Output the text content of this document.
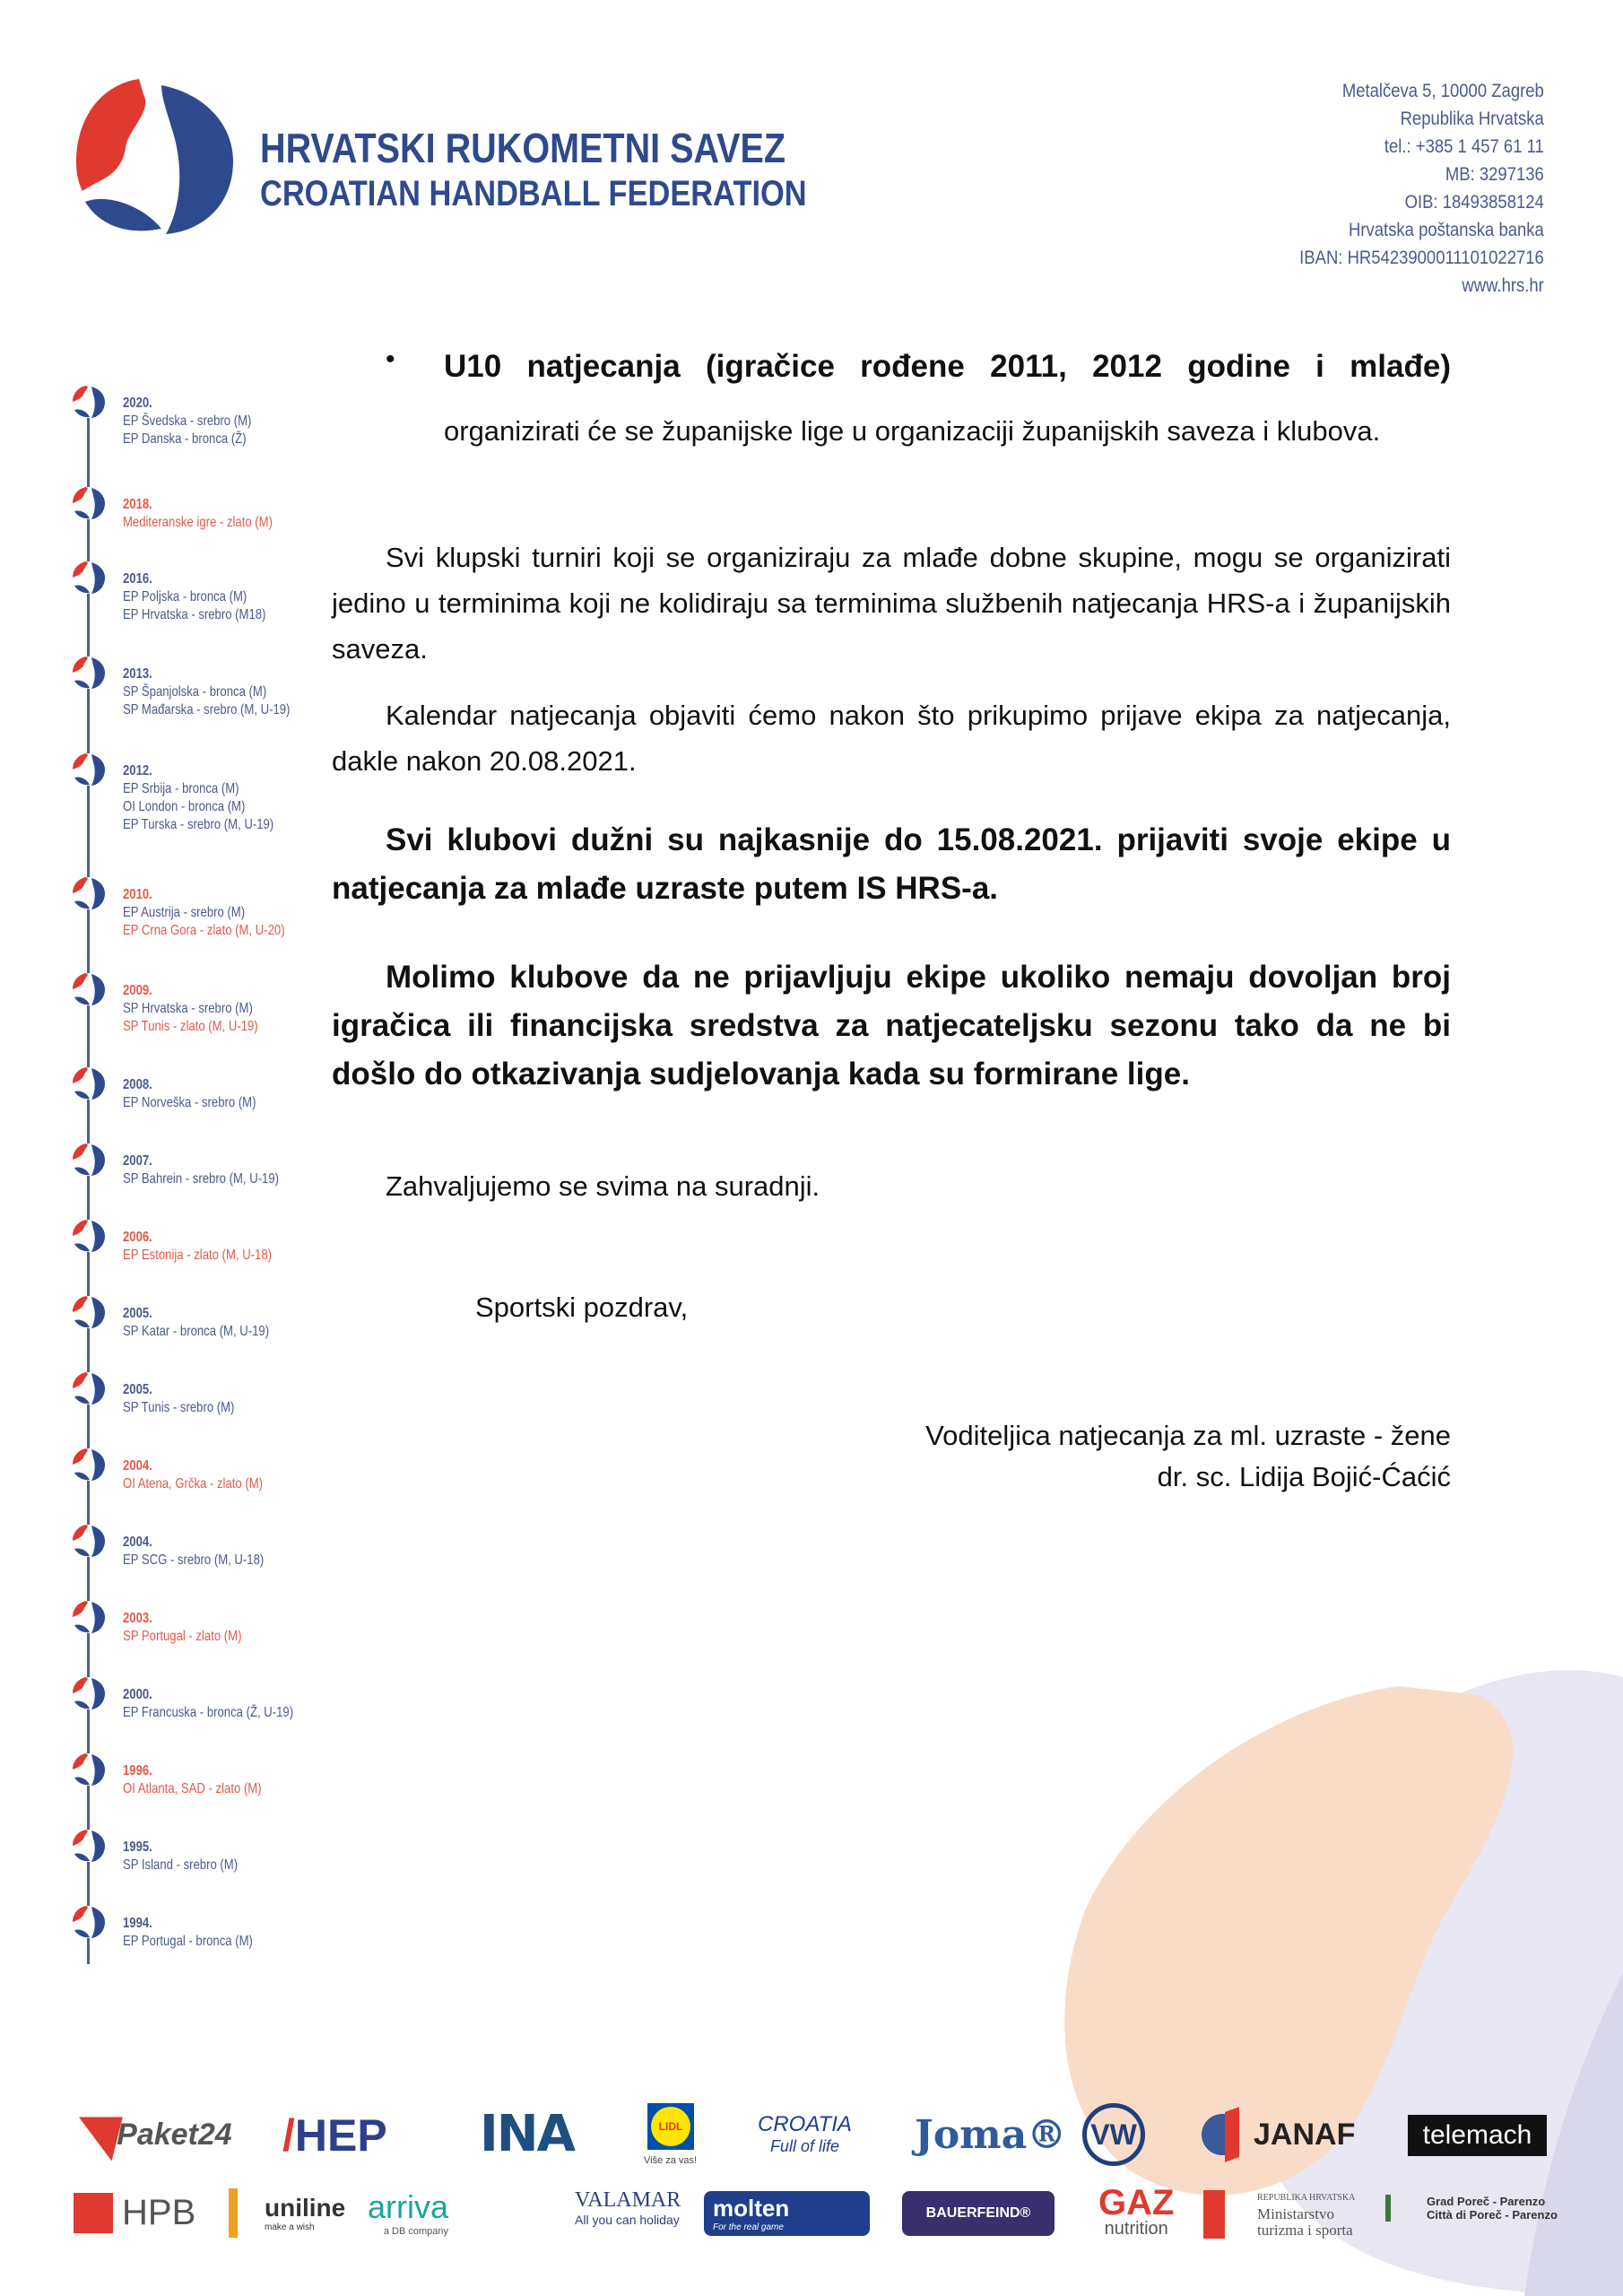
HRVATSKI RUKOMETNI SAVEZ
CROATIAN HANDBALL FEDERATION
Metalčeva 5, 10000 Zagreb
Republika Hrvatska
tel.: +385 1 457 61 11
MB: 3297136
OIB: 18493858124
Hrvatska poštanska banka
IBAN: HR5423900011101022716
www.hrs.hr
2020.
EP Švedska - srebro (M)
EP Danska - bronca (Ž)
2018.
Mediteranske igre - zlato (M)
2016.
EP Poljska - bronca (M)
EP Hrvatska - srebro (M18)
2013.
SP Španjolska - bronca (M)
SP Mađarska - srebro (M, U-19)
2012.
EP Srbija - bronca (M)
OI London - bronca (M)
EP Turska - srebro (M, U-19)
2010.
EP Austrija - srebro (M)
EP Crna Gora - zlato (M, U-20)
2009.
SP Hrvatska - srebro (M)
SP Tunis - zlato (M, U-19)
2008.
EP Norveška - srebro (M)
2007.
SP Bahrein - srebro (M, U-19)
2006.
EP Estonija - zlato (M, U-18)
2005.
SP Katar - bronca (M, U-19)
2005.
SP Tunis - srebro (M)
2004.
OI Atena, Grčka - zlato (M)
2004.
EP SCG - srebro (M, U-18)
2003.
SP Portugal - zlato (M)
2000.
EP Francuska - bronca (Ž, U-19)
1996.
OI Atlanta, SAD - zlato (M)
1995.
SP Island - srebro (M)
1994.
EP Portugal - bronca (M)
• U10 natjecanja (igračice rođene 2011, 2012 godine i mlađe)
organizirati će se županijske lige u organizaciji županijskih saveza i klubova.

Svi klupski turniri koji se organiziraju za mlađe dobne skupine, mogu se organizirati jedino u terminima koji ne kolidiraju sa terminima službenih natjecanja HRS-a i županijskih saveza.

Kalendar natjecanja objaviti ćemo nakon što prikupimo prijave ekipa za natjecanja, dakle nakon 20.08.2021.

Svi klubovi dužni su najkasnije do 15.08.2021. prijaviti svoje ekipe u natjecanja za mlađe uzraste putem IS HRS-a.

Molimo klubove da ne prijavljuju ekipe ukoliko nemaju dovoljan broj igračica ili financijska sredstva za natjecateljsku sezonu tako da ne bi došlo do otkazivanja sudjelovanja kada su formirane lige.

Zahvaljujemo se svima na suradnji.
Sportski pozdrav,
Voditeljica natjecanja za ml. uzraste - žene
dr. sc. Lidija Bojić-Ćaćić
◥ Paket24 / HEP	INA	LIDL
Više za vas!
CROATIA
Full of life Joma® VW	JANAF	telemach
HPB	uniline
make a wish
arriva
a DB company
VALAMAR
All you can holiday molten
For the real game
BAUERFEIND®	GAZ
nutrition
REPUBLIKA HRVATSKA
Ministarstvo
turizma i sporta
Grad Poreč - Parenzo
Città di Poreč - Parenzo
